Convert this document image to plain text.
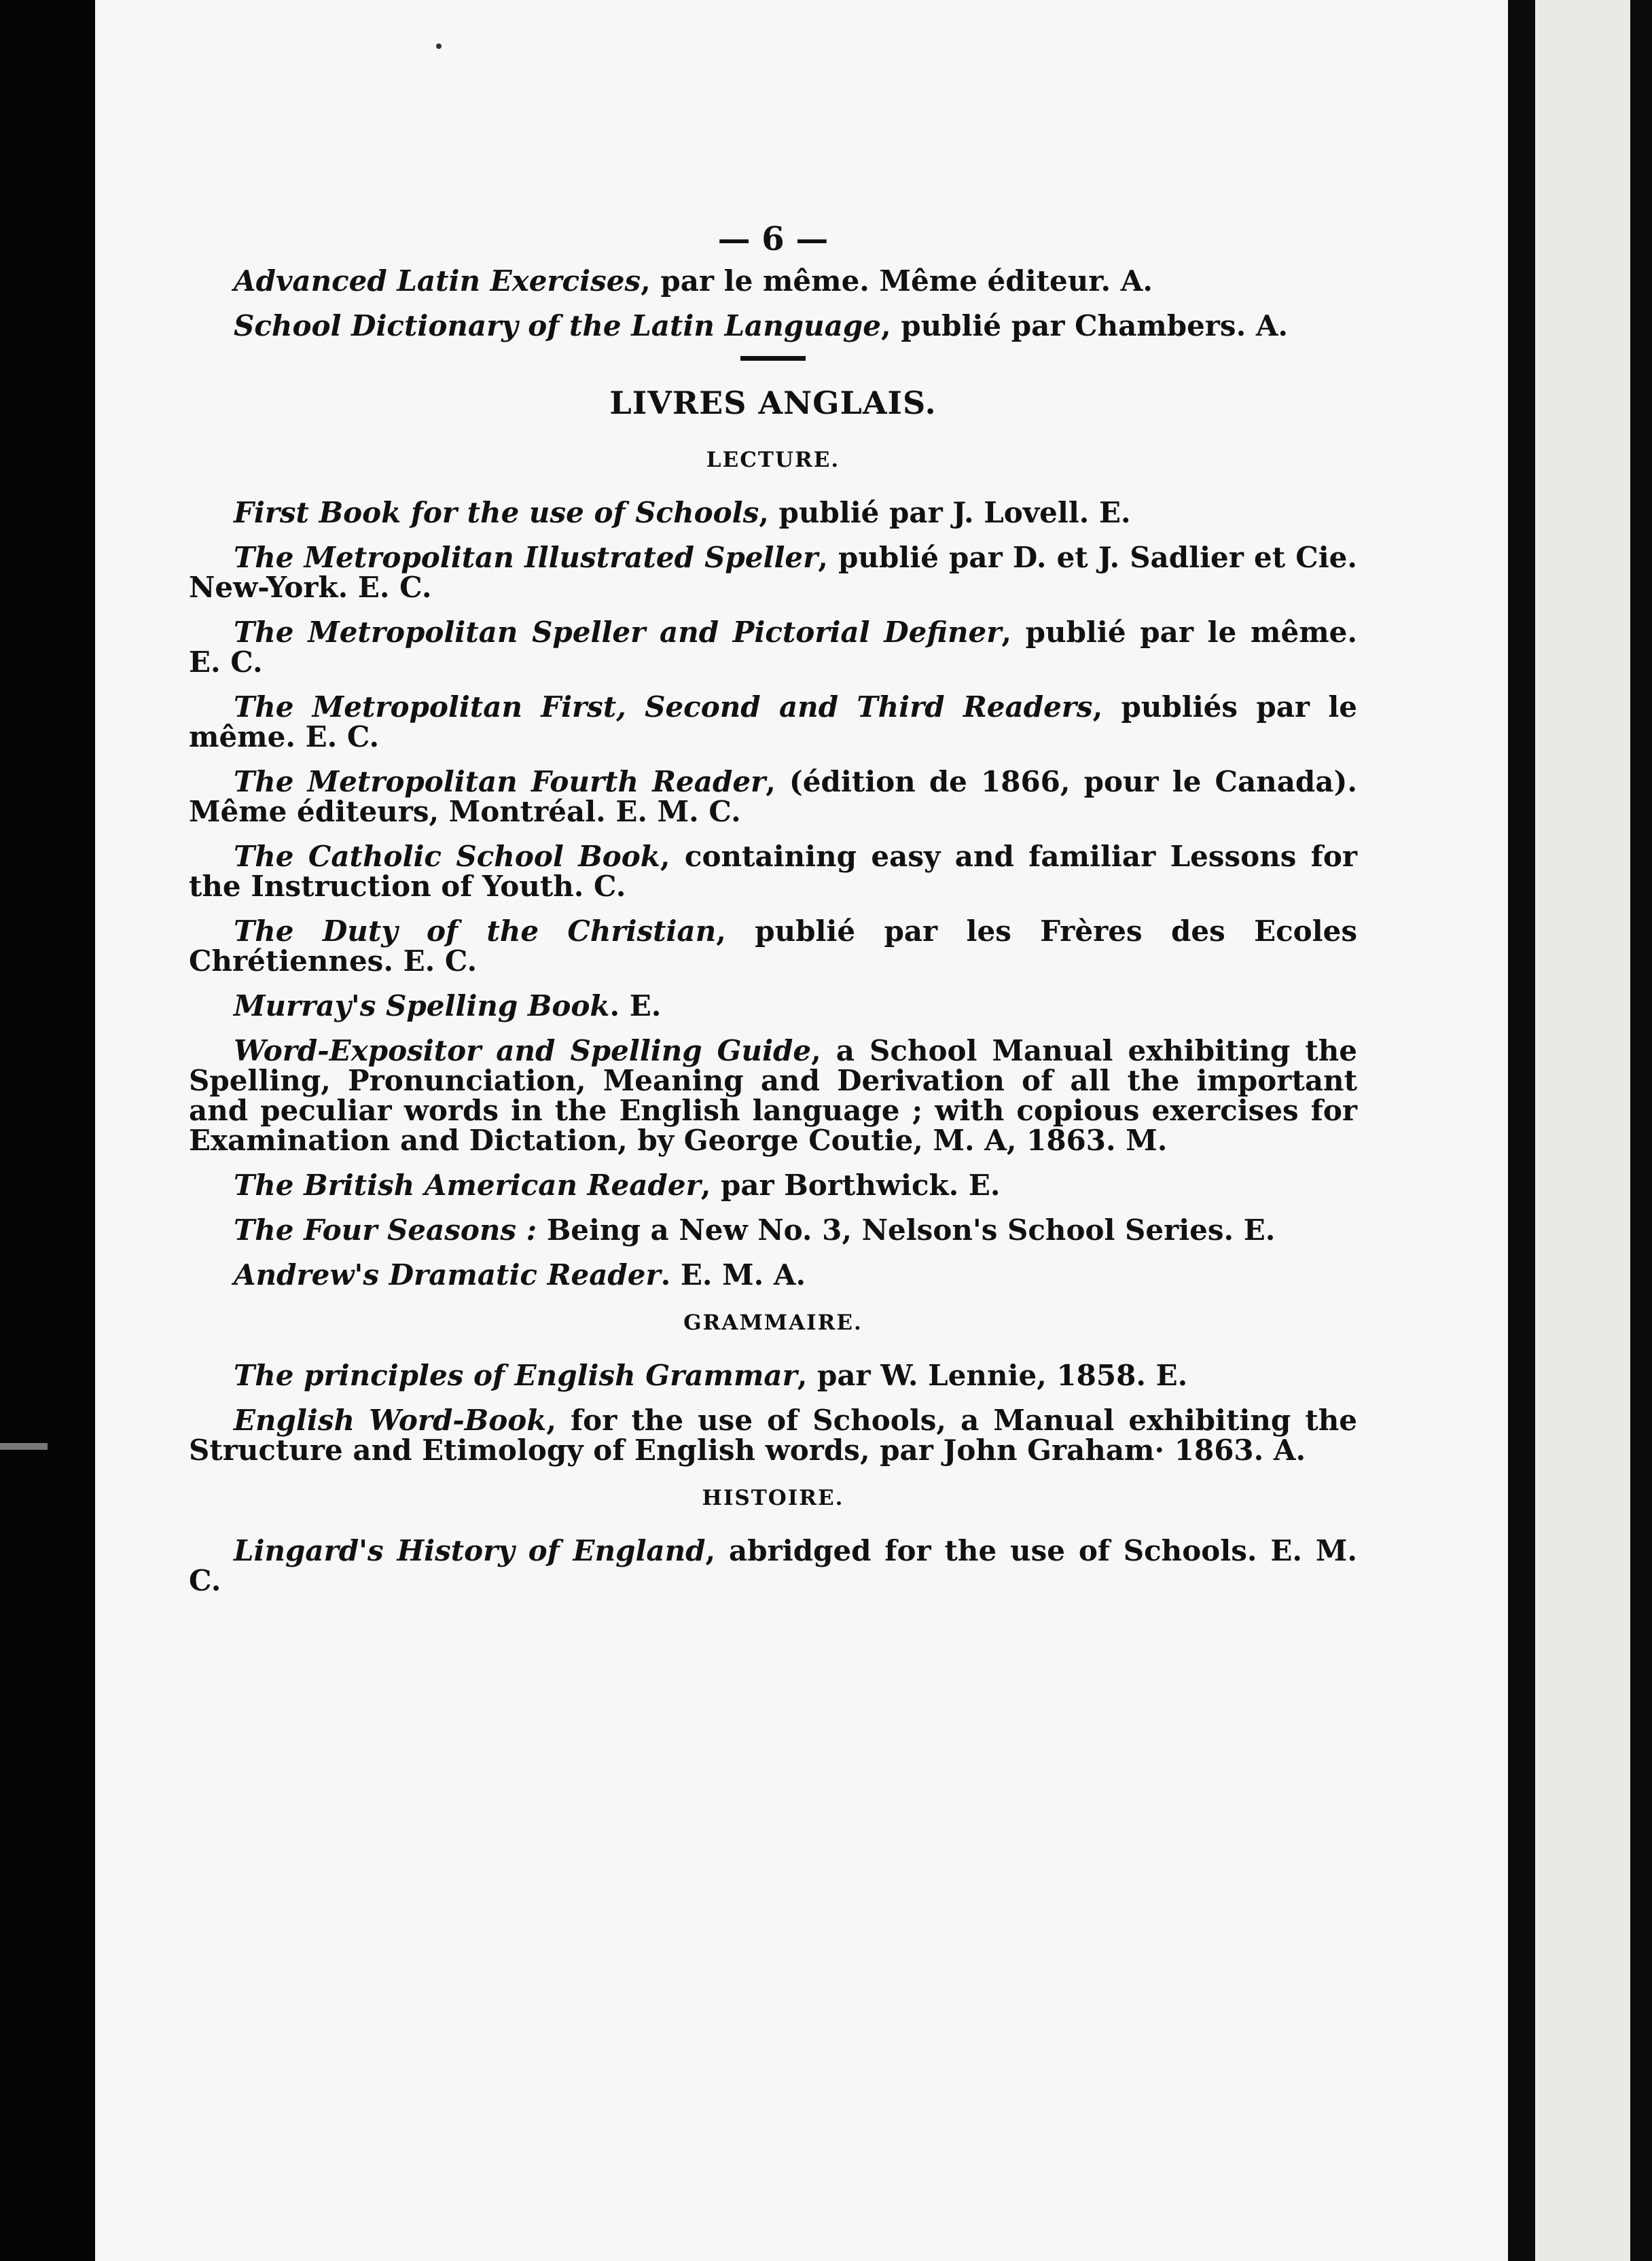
— 6 —

Advanced Latin Exercises, par le même. Même éditeur. A.

School Dictionary of the Latin Language, publié par Chambers. A.

LIVRES ANGLAIS.
LECTURE.

First Book for the use of Schools, publié par J. Lovell. E.

The Metropolitan Illustrated Speller, publié par D. et J. Sadlier et Cie. New-York. E. C.

The Metropolitan Speller and Pictorial Definer, publié par le même. E. C.

The Metropolitan First, Second and Third Readers, publiés par le même. E. C.

The Metropolitan Fourth Reader, (édition de 1866, pour le Canada). Même éditeurs, Montréal. E. M. C.

The Catholic School Book, containing easy and familiar Lessons for the Instruction of Youth. C.

The Duty of the Christian, publié par les Frères des Ecoles Chrétiennes. E. C.

Murray's Spelling Book. E.

Word-Expositor and Spelling Guide, a School Manual exhibiting the Spelling, Pronunciation, Meaning and Derivation of all the important and peculiar words in the English language ; with copious exercises for Examination and Dictation, by George Coutie, M. A, 1863. M.

The British American Reader, par Borthwick. E.

The Four Seasons : Being a New No. 3, Nelson's School Series. E.

Andrew's Dramatic Reader. E. M. A.

GRAMMAIRE.

The principles of English Grammar, par W. Lennie, 1858. E.

English Word-Book, for the use of Schools, a Manual exhibiting the Structure and Etimology of English words, par John Graham· 1863. A.

HISTOIRE.

Lingard's History of England, abridged for the use of Schools. E. M. C.
